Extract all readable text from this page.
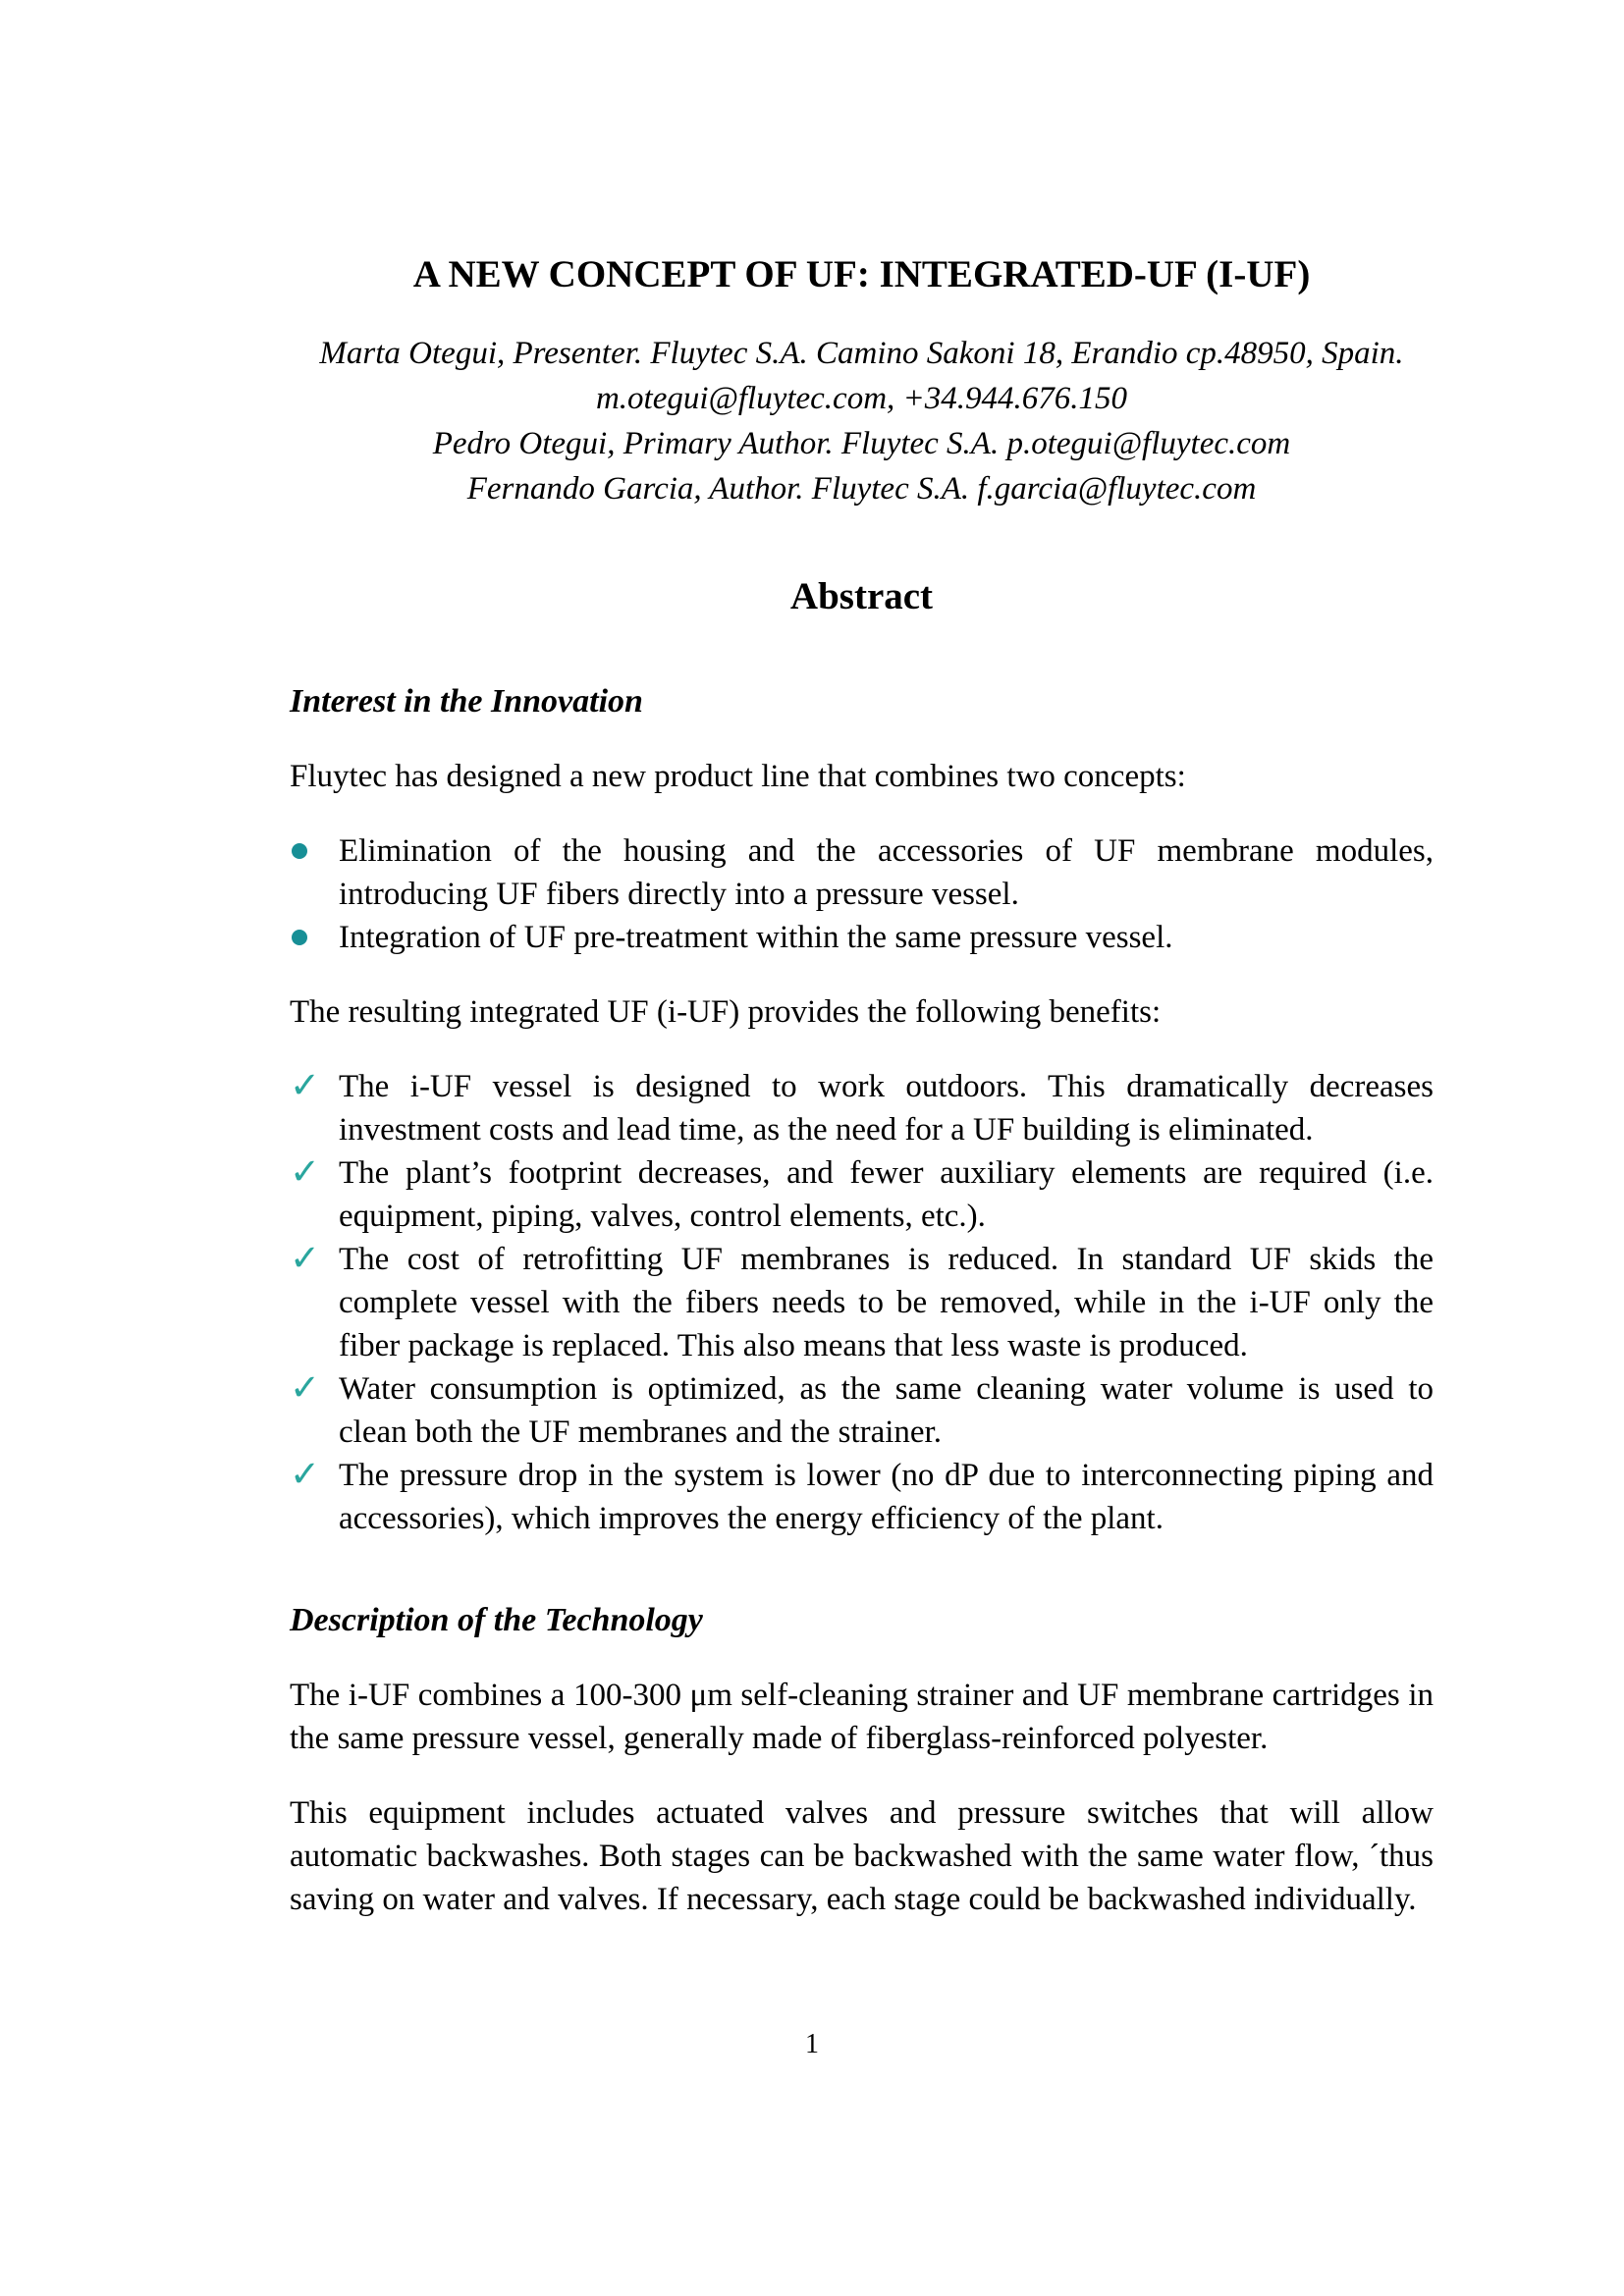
A NEW CONCEPT OF UF: INTEGRATED-UF (I-UF)

Marta Otegui, Presenter. Fluytec S.A. Camino Sakoni 18, Erandio cp.48950, Spain.

m.otegui@fluytec.com, +34.944.676.150

Pedro Otegui, Primary Author. Fluytec S.A. p.otegui@fluytec.com

Fernando Garcia, Author. Fluytec S.A. f.garcia@fluytec.com

Abstract
Interest in the Innovation

Fluytec has designed a new product line that combines two concepts:

Elimination of the housing and the accessories of UF membrane modules, introducing UF fibers directly into a pressure vessel.
Integration of UF pre-treatment within the same pressure vessel.

The resulting integrated UF (i-UF) provides the following benefits:

✓ The i-UF vessel is designed to work outdoors. This dramatically decreases investment costs and lead time, as the need for a UF building is eliminated.
✓ The plant’s footprint decreases, and fewer auxiliary elements are required (i.e. equipment, piping, valves, control elements, etc.).
✓ The cost of retrofitting UF membranes is reduced. In standard UF skids the complete vessel with the fibers needs to be removed, while in the i-UF only the fiber package is replaced. This also means that less waste is produced.
✓ Water consumption is optimized, as the same cleaning water volume is used to clean both the UF membranes and the strainer.
✓ The pressure drop in the system is lower (no dP due to interconnecting piping and accessories), which improves the energy efficiency of the plant.
Description of the Technology

The i-UF combines a 100-300 μm self-cleaning strainer and UF membrane cartridges in the same pressure vessel, generally made of fiberglass-reinforced polyester.

This equipment includes actuated valves and pressure switches that will allow automatic backwashes. Both stages can be backwashed with the same water flow, ´thus saving on water and valves. If necessary, each stage could be backwashed individually.

1
